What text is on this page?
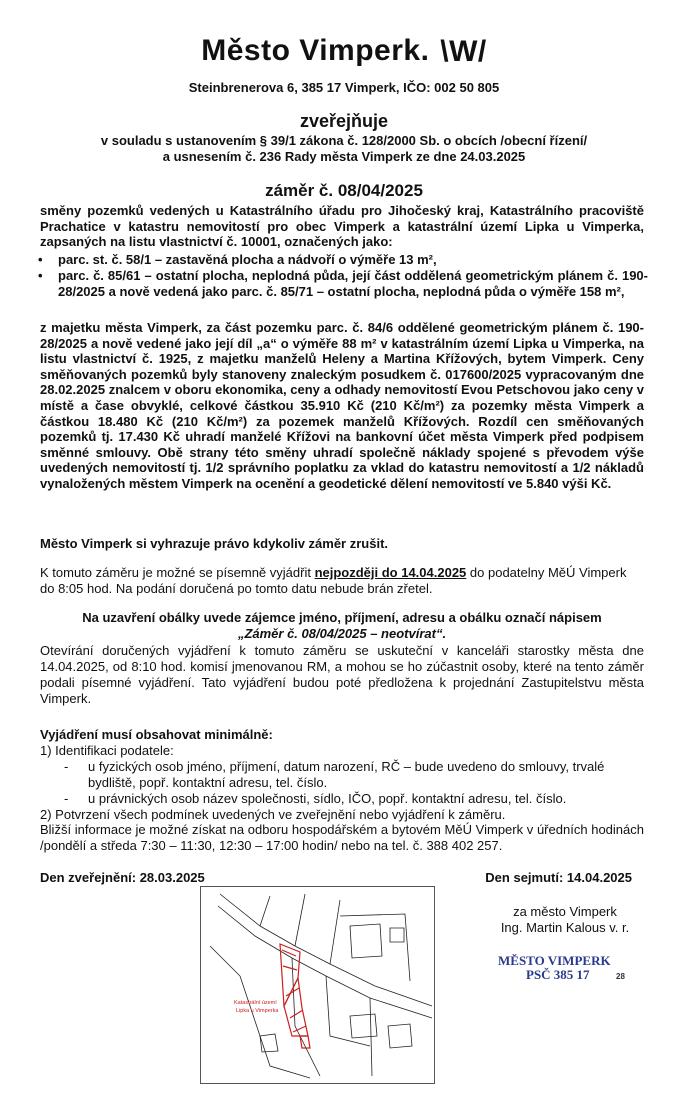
Město Vimperk. \W/
Steinbrenerova 6, 385 17 Vimperk, IČO: 002 50 805
zveřejňuje
v souladu s ustanovením § 39/1 zákona č. 128/2000 Sb. o obcích /obecní řízení/
a usnesením č. 236 Rady města Vimperk ze dne 24.03.2025
záměr č. 08/04/2025
směny pozemků vedených u Katastrálního úřadu pro Jihočeský kraj, Katastrálního pracoviště Prachatice v katastru nemovitostí pro obec Vimperk a katastrální území Lipka u Vimperka, zapsaných na listu vlastnictví č. 10001, označených jako:
• parc. st. č. 58/1 – zastavěná plocha a nádvoří o výměře 13 m²,
• parc. č. 85/61 – ostatní plocha, neplodná půda, její část oddělená geometrickým plánem č. 190-28/2025 a nově vedená jako parc. č. 85/71 – ostatní plocha, neplodná půda o výměře 158 m²,
z majetku města Vimperk, za část pozemku parc. č. 84/6 oddělené geometrickým plánem č. 190-28/2025 a nově vedené jako její díl „a“ o výměře 88 m² v katastrálním území Lipka u Vimperka, na listu vlastnictví č. 1925, z majetku manželů Heleny a Martina Křížových, bytem Vimperk. Ceny směňovaných pozemků byly stanoveny znaleckým posudkem č. 017600/2025 vypracovaným dne 28.02.2025 znalcem v oboru ekonomika, ceny a odhady nemovitostí Evou Petschovou jako ceny v místě a čase obvyklé, celkové částkou 35.910 Kč (210 Kč/m²) za pozemky města Vimperk a částkou 18.480 Kč (210 Kč/m²) za pozemek manželů Křížových. Rozdíl cen směňovaných pozemků tj. 17.430 Kč uhradí manželé Křížovi na bankovní účet města Vimperk před podpisem směnné smlouvy. Obě strany této směny uhradí společně náklady spojené s převodem výše uvedených nemovitostí tj. 1/2 správního poplatku za vklad do katastru nemovitostí a 1/2 nákladů vynaložených městem Vimperk na ocenění a geodetické dělení nemovitostí ve 5.840 výši Kč.
Město Vimperk si vyhrazuje právo kdykoliv záměr zrušit.
K tomuto záměru je možné se písemně vyjádřit nejpozději do 14.04.2025 do podatelny MěÚ Vimperk do 8:05 hod. Na podání doručená po tomto datu nebude brán zřetel.
Na uzavření obálky uvede zájemce jméno, příjmení, adresu a obálku označí nápisem
„Záměr č. 08/04/2025 – neotvírat“.
Otevírání doručených vyjádření k tomuto záměru se uskuteční v kanceláři starostky města dne 14.04.2025, od 8:10 hod. komisí jmenovanou RM, a mohou se ho zúčastnit osoby, které na tento záměr podali písemné vyjádření. Tato vyjádření budou poté předložena k projednání Zastupitelstvu města Vimperk.
Vyjádření musí obsahovat minimálně:
1) Identifikaci podatele:
- u fyzických osob jméno, příjmení, datum narození, RČ – bude uvedeno do smlouvy, trvalé bydliště, popř. kontaktní adresu, tel. číslo.
- u právnických osob název společnosti, sídlo, IČO, popř. kontaktní adresu, tel. číslo.
2) Potvrzení všech podmínek uvedených ve zveřejnění nebo vyjádření k záměru.
Bližší informace je možné získat na odboru hospodářském a bytovém MěÚ Vimperk v úředních hodinách /pondělí a středa 7:30 – 11:30, 12:30 – 17:00 hodin/ nebo na tel. č. 388 402 257.
Den zveřejnění: 28.03.2025	Den sejmutí: 14.04.2025
za město Vimperk
Ing. Martin Kalous v. r.
MĚSTO VIMPERK
PSČ 385 17	28
Katastrální území
Lipka u Vimperka
